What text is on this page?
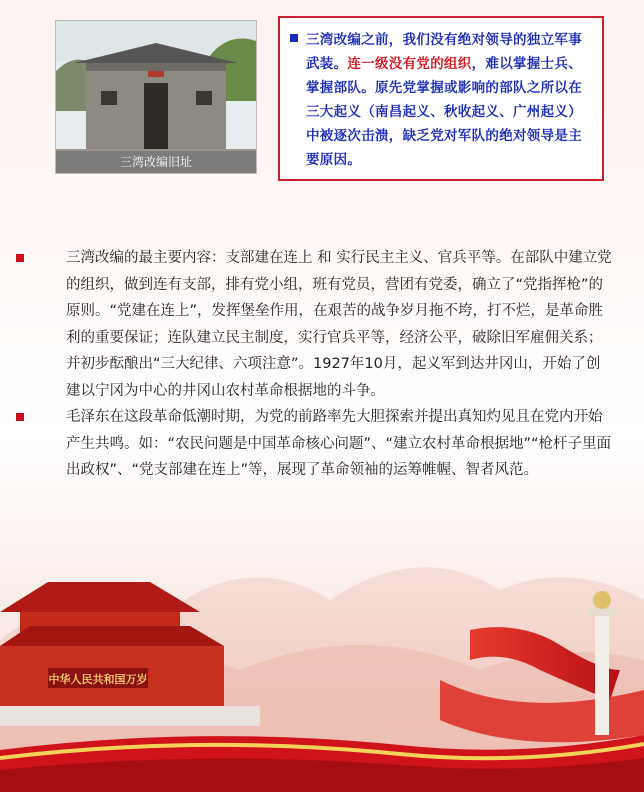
三湾改编旧址
三湾改编之前，我们没有绝对领导的独立军事武装。连一级没有党的组织，难以掌握士兵、掌握部队。原先党掌握或影响的部队之所以在三大起义（南昌起义、秋收起义、广州起义）中被逐次击溃，缺乏党对军队的绝对领导是主要原因。
三湾改编的最主要内容：支部建在连上 和 实行民主主义、官兵平等。在部队中建立党的组织，做到连有支部，排有党小组，班有党员，营团有党委，确立了“党指挥枪”的原则。“党建在连上”，发挥堡垒作用，在艰苦的战争岁月拖不垮，打不烂，是革命胜利的重要保证；连队建立民主制度，实行官兵平等，经济公平，破除旧军雇佣关系；并初步酝酿出“三大纪律、六项注意”。1927年10月，起义军到达井冈山，开始了创建以宁冈为中心的井冈山农村革命根据地的斗争。
毛泽东在这段革命低潮时期，为党的前路率先大胆探索并提出真知灼见且在党内开始产生共鸣。如：“农民问题是中国革命核心问题”、“建立农村革命根据地”“枪杆子里面出政权”、“党支部建在连上”等，展现了革命领袖的运筹帷幄、智者风范。
中华人民共和国万岁
